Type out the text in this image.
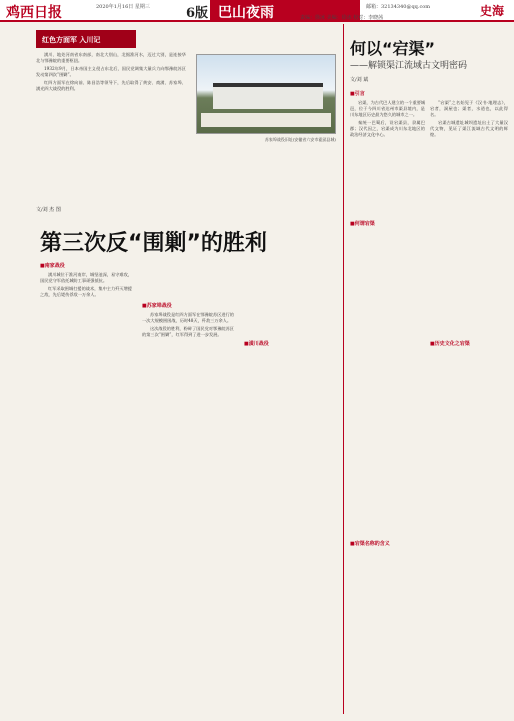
鸡西日报	2020年1月16日 星期三	6版 巴山夜雨	邮箱：32134340@qq.com	史海
责编：徐冰 美编：徐冰 校对：李晓茜
红色方面军 入川记

潢川、地处河南省东南部，南北大别山，北据淮河水，迈过大别，是连接华北与鄂豫皖的重要枢纽。

1932年9月，日本帝国主义侵占东北后，国民党调集大量兵力向鄂豫皖苏区发动第四次“围剿”。

红四方面军在徐向前、陈昌浩等领导下，先后取得了黄安、商潢、苏家埠、潢光四大战役的胜利。

苏家埠战役旧址(安徽省六安市霍邱县城)
文/刘 杰 图
第三次反“围剿”的胜利
■南家战役

潢川城位于淮河南岸，城坚池深，易守难攻，国民党守军依托城防工事顽强抵抗。

红军采取围城打援的战术，集中主力歼灭增援之敌，先后毙伤俘敌一万余人。

■苏家埠战役

苏家埠战役是红四方面军在鄂豫皖苏区进行的一次大规模围困战，历时48天，歼敌三万余人。

这次战役的胜利，粉碎了国民党对鄂豫皖苏区的第三次“围剿”，红军得到了进一步发展。

■潢川战役
何以“宕渠”
——解锁渠江流域古文明密码
文/刘 斌
■引言

宕渠，为古代巴人建立的一个重要城邑，位于今四川省达州市渠县境内，是川东地区历史最为悠久的城市之一。

秦统一巴蜀后，设宕渠县，隶属巴郡；汉代因之，宕渠成为川东北地区的政治经济文化中心。

■何谓宕渠
■历史文化之宕渠
■宕渠名称的含义

“宕渠”之名始见于《汉书·地理志》，宕者，洞屋也；渠者，水道也，以此得名。

宕渠古城遗址城坝遗址出土了大量汉代文物，见证了渠江流域古代文明的辉煌。
